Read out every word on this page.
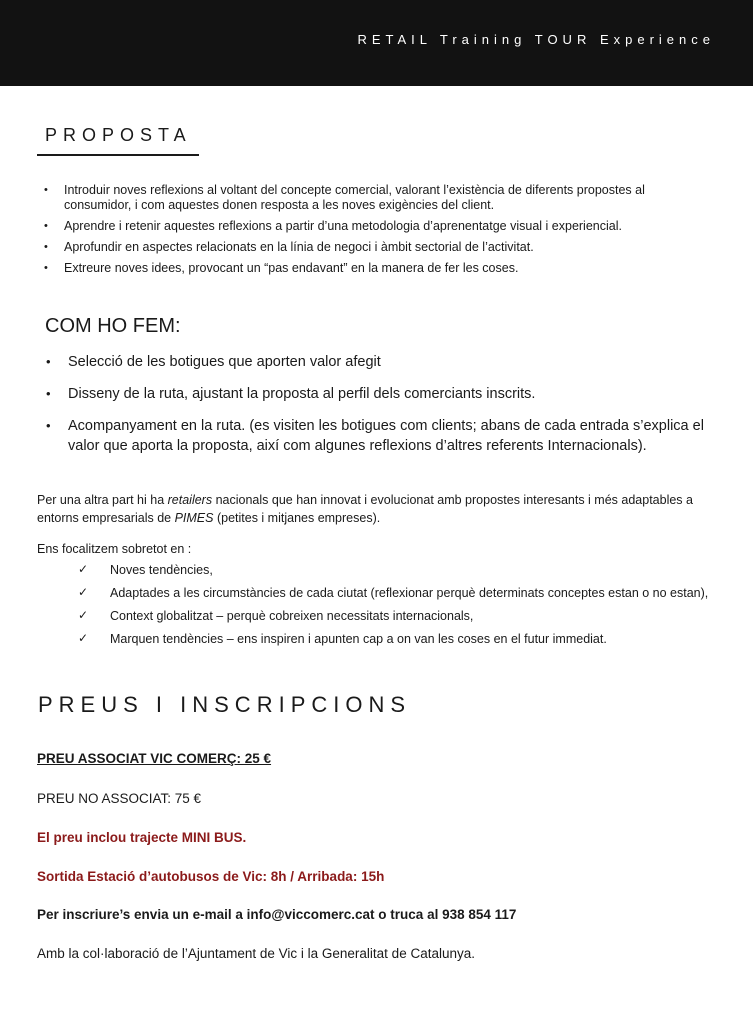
RETAIL Training TOUR Experience
PROPOSTA
• Introduir noves reflexions al voltant del concepte comercial, valorant l’existència de diferents propostes al consumidor, i com aquestes donen resposta a les noves exigències del client.
• Aprendre i retenir aquestes reflexions a partir d’una metodologia d’aprenentatge visual i experiencial.
• Aprofundir en aspectes relacionats en la línia de negoci i àmbit sectorial de l’activitat.
• Extreure noves idees, provocant un “pas endavant” en la manera de fer les coses.
COM HO FEM:
• Selecció de les botigues que aporten valor afegit
• Disseny de la ruta, ajustant la proposta al perfil dels comerciants inscrits.
• Acompanyament en la ruta. (es visiten les botigues com clients; abans de cada entrada s’explica el valor que aporta la proposta, així com algunes reflexions d’altres referents Internacionals).
Per una altra part hi ha retailers nacionals que han innovat i evolucionat amb propostes interesants i més adaptables a entorns empresarials de PIMES (petites i mitjanes empreses).
Ens focalitzem sobretot en :
✓ Noves tendències,
✓ Adaptades a les circumstàncies de cada ciutat (reflexionar perquè determinats conceptes estan o no estan),
✓ Context globalitzat – perquè cobreixen necessitats internacionals,
✓ Marquen tendències – ens inspiren i apunten cap a on van les coses en el futur immediat.
PREUS I INSCRIPCIONS
PREU ASSOCIAT VIC COMERÇ: 25 €
PREU NO ASSOCIAT: 75 €
El preu inclou trajecte MINI BUS.
Sortida Estació d’autobusos de Vic: 8h / Arribada: 15h
Per inscriure’s envia un e-mail a info@viccomerc.cat o truca al 938 854 117
Amb la col·laboració de l’Ajuntament de Vic i la Generalitat de Catalunya.
